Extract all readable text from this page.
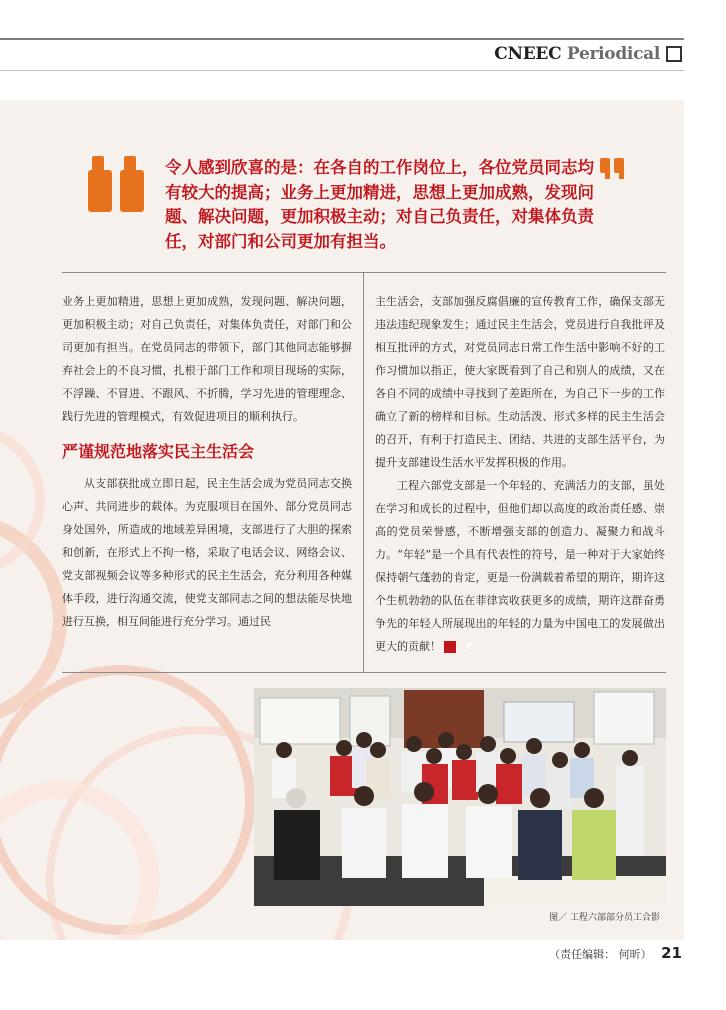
CNEEC Periodical
令人感到欣喜的是：在各自的工作岗位上，各位党员同志均有较大的提高；业务上更加精进，思想上更加成熟，发现问题、解决问题，更加积极主动；对自己负责任，对集体负责任，对部门和公司更加有担当。

业务上更加精进，思想上更加成熟，发现问题、解决问题，更加积极主动；对自己负责任，对集体负责任，对部门和公司更加有担当。在党员同志的带领下，部门其他同志能够摒弃社会上的不良习惯，扎根于部门工作和项目现场的实际，不浮躁、不冒进、不跟风、不折腾，学习先进的管理理念、践行先进的管理模式，有效促进项目的顺利执行。

严谨规范地落实民主生活会

从支部获批成立即日起，民主生活会成为党员同志交换心声、共同进步的载体。为克服项目在国外、部分党员同志身处国外，所造成的地域差异困境，支部进行了大胆的探索和创新，在形式上不拘一格，采取了电话会议、网络会议、党支部视频会议等多种形式的民主生活会，充分利用各种媒体手段，进行沟通交流，使党支部同志之间的想法能尽快地进行互换，相互间能进行充分学习。通过民

主生活会，支部加强反腐倡廉的宣传教育工作，确保支部无违法违纪现象发生；通过民主生活会，党员进行自我批评及相互批评的方式，对党员同志日常工作生活中影响不好的工作习惯加以指正，使大家既看到了自己和别人的成绩，又在各自不同的成绩中寻找到了差距所在，为自己下一步的工作确立了新的榜样和目标。生动活泼、形式多样的民主生活会的召开，有利于打造民主、团结、共进的支部生活平台，为提升支部建设生活水平发挥积极的作用。

工程六部党支部是一个年轻的、充满活力的支部，虽处在学习和成长的过程中，但他们却以高度的政治责任感、崇高的党员荣誉感，不断增强支部的创造力、凝聚力和战斗力。“年轻”是一个具有代表性的符号，是一种对于大家始终保持朝气蓬勃的肯定，更是一份满载着希望的期许，期许这个生机勃勃的队伍在菲律宾收获更多的成绩，期许这群奋勇争先的年轻人所展现出的年轻的力量为中国电工的发展做出更大的贡献！	C

图／ 工程六部部分员工合影
（责任编辑： 何昕） 21
